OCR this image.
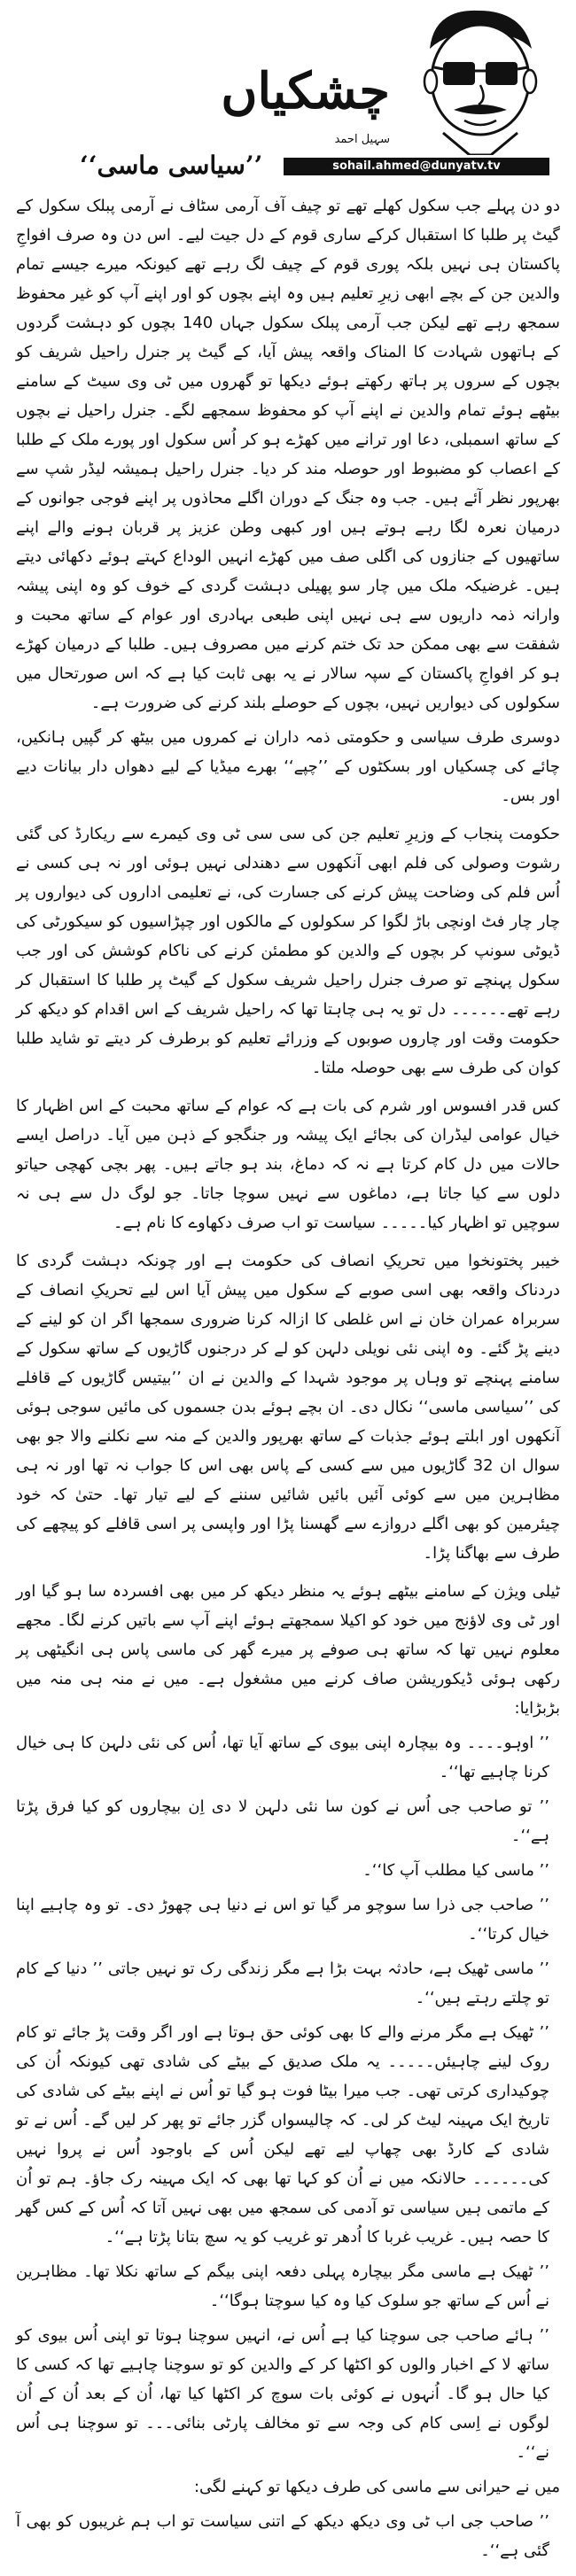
’’سیاسی ماسی‘‘
چشکیاں
سہیل احمد
sohail.ahmed@dunyatv.tv

دو دن پہلے جب سکول کھلے تھے تو چیف آف آرمی سٹاف نے آرمی پبلک سکول کے گیٹ پر طلبا کا استقبال کرکے ساری قوم کے دل جیت لیے۔ اس دن وہ صرف افواجِ پاکستان ہی نہیں بلکہ پوری قوم کے چیف لگ رہے تھے کیونکہ میرے جیسے تمام والدین جن کے بچے ابھی زیرِ تعلیم ہیں وہ اپنے بچوں کو اور اپنے آپ کو غیر محفوظ سمجھ رہے تھے لیکن جب آرمی پبلک سکول جہاں 140 بچوں کو دہشت گردوں کے ہاتھوں شہادت کا المناک واقعہ پیش آیا، کے گیٹ پر جنرل راحیل شریف کو بچوں کے سروں پر ہاتھ رکھتے ہوئے دیکھا تو گھروں میں ٹی وی سیٹ کے سامنے بیٹھے ہوئے تمام والدین نے اپنے آپ کو محفوظ سمجھے لگے۔ جنرل راحیل نے بچوں کے ساتھ اسمبلی، دعا اور ترانے میں کھڑے ہو کر اُس سکول اور پورے ملک کے طلبا کے اعصاب کو مضبوط اور حوصلہ مند کر دیا۔ جنرل راحیل ہمیشہ لیڈر شپ سے بھرپور نظر آئے ہیں۔ جب وہ جنگ کے دوران اگلے محاذوں پر اپنے فوجی جوانوں کے درمیان نعرہ لگا رہے ہوتے ہیں اور کبھی وطن عزیز پر قربان ہونے والے اپنے ساتھیوں کے جنازوں کی اگلی صف میں کھڑے انہیں الوداع کہتے ہوئے دکھائی دیتے ہیں۔ غرضیکہ ملک میں چار سو پھیلی دہشت گردی کے خوف کو وہ اپنی پیشہ وارانہ ذمہ داریوں سے ہی نہیں اپنی طبعی بہادری اور عوام کے ساتھ محبت و شفقت سے بھی ممکن حد تک ختم کرنے میں مصروف ہیں۔ طلبا کے درمیان کھڑے ہو کر افواجِ پاکستان کے سپہ سالار نے یہ بھی ثابت کیا ہے کہ اس صورتحال میں سکولوں کی دیواریں نہیں، بچوں کے حوصلے بلند کرنے کی ضرورت ہے۔

دوسری طرف سیاسی و حکومتی ذمہ داران نے کمروں میں بیٹھ کر گپیں ہانکیں، چائے کی چسکیاں اور بسکٹوں کے ’’چپے‘‘ بھرے میڈیا کے لیے دھواں دار بیانات دیے اور بس۔

حکومت پنجاب کے وزیرِ تعلیم جن کی سی سی ٹی وی کیمرے سے ریکارڈ کی گئی رشوت وصولی کی فلم ابھی آنکھوں سے دھندلی نہیں ہوئی اور نہ ہی کسی نے اُس فلم کی وضاحت پیش کرنے کی جسارت کی، نے تعلیمی اداروں کی دیواروں پر چار چار فٹ اونچی باڑ لگوا کر سکولوں کے مالکوں اور چپڑاسیوں کو سیکورٹی کی ڈیوٹی سونپ کر بچوں کے والدین کو مطمئن کرنے کی ناکام کوشش کی اور جب سکول پہنچے تو صرف جنرل راحیل شریف سکول کے گیٹ پر طلبا کا استقبال کر رہے تھے۔۔۔۔۔۔ دل تو یہ ہی چاہتا تھا کہ راحیل شریف کے اس اقدام کو دیکھ کر حکومت وقت اور چاروں صوبوں کے وزرائے تعلیم کو برطرف کر دیتے تو شاید طلبا کوان کی طرف سے بھی حوصلہ ملتا۔

کس قدر افسوس اور شرم کی بات ہے کہ عوام کے ساتھ محبت کے اس اظہار کا خیال عوامی لیڈران کی بجائے ایک پیشہ ور جنگجو کے ذہن میں آیا۔ دراصل ایسے حالات میں دل کام کرتا ہے نہ کہ دماغ، بند ہو جاتے ہیں۔ پھر بچی کھچی حیاتو دلوں سے کیا جاتا ہے، دماغوں سے نہیں سوچا جاتا۔ جو لوگ دل سے ہی نہ سوچیں تو اظہار کیا۔۔۔۔۔ سیاست تو اب صرف دکھاوے کا نام ہے۔

خیبر پختونخوا میں تحریکِ انصاف کی حکومت ہے اور چونکہ دہشت گردی کا دردناک واقعہ بھی اسی صوبے کے سکول میں پیش آیا اس لیے تحریکِ انصاف کے سربراہ عمران خان نے اس غلطی کا ازالہ کرنا ضروری سمجھا اگر ان کو لینے کے دینے پڑ گئے۔ وہ اپنی نئی نویلی دلہن کو لے کر درجنوں گاڑیوں کے ساتھ سکول کے سامنے پہنچے تو وہاں پر موجود شہدا کے والدین نے ان ’’بیتیس گاڑیوں کے قافلے کی ’’سیاسی ماسی‘‘ نکال دی۔ ان بچے ہوئے بدن جسموں کی مائیں سوجی ہوئی آنکھوں اور ابلتے ہوئے جذبات کے ساتھ بھرپور والدین کے منہ سے نکلنے والا جو بھی سوال ان 32 گاڑیوں میں سے کسی کے پاس بھی اس کا جواب نہ تھا اور نہ ہی مظاہرین میں سے کوئی آئیں بائیں شائیں سننے کے لیے تیار تھا۔ حتیٰ کہ خود چیئرمین کو بھی اگلے دروازے سے گھسنا پڑا اور واپسی پر اسی قافلے کو پیچھے کی طرف سے بھاگنا پڑا۔

ٹیلی ویژن کے سامنے بیٹھے ہوئے یہ منظر دیکھ کر میں بھی افسردہ سا ہو گیا اور اور ٹی وی لاؤنج میں خود کو اکیلا سمجھتے ہوئے اپنے آپ سے باتیں کرنے لگا۔ مجھے معلوم نہیں تھا کہ ساتھ ہی صوفے پر میرے گھر کی ماسی پاس ہی انگیٹھی پر رکھی ہوئی ڈیکوریشن صاف کرنے میں مشغول ہے۔ میں نے منہ ہی منہ میں بڑبڑایا:

’’ اوہو۔۔۔۔ وہ بیچارہ اپنی بیوی کے ساتھ آیا تھا، اُس کی نئی دلہن کا ہی خیال کرنا چاہیے تھا‘‘۔

’’ تو صاحب جی اُس نے کون سا نئی دلہن لا دی اِن بیچاروں کو کیا فرق پڑتا ہے‘‘۔

’’ ماسی کیا مطلب آپ کا‘‘۔

’’ صاحب جی ذرا سا سوچو مر گیا تو اس نے دنیا ہی چھوڑ دی۔ تو وہ چاہیے اپنا خیال کرتا‘‘۔

’’ ماسی ٹھیک ہے، حادثہ بہت بڑا ہے مگر زندگی رک تو نہیں جاتی ’’ دنیا کے کام تو چلتے رہتے ہیں‘‘۔

’’ ٹھیک ہے مگر مرنے والے کا بھی کوئی حق ہوتا ہے اور اگر وقت پڑ جائے تو کام روک لینے چاہیئں۔۔۔۔۔ یہ ملک صدیق کے بیٹے کی شادی تھی کیونکہ اُن کی چوکیداری کرتی تھی۔ جب میرا بیٹا فوت ہو گیا تو اُس نے اپنے بیٹے کی شادی کی تاریخ ایک مہینہ لیٹ کر لی۔ کہ چالیسواں گزر جائے تو پھر کر لیں گے۔ اُس نے تو شادی کے کارڈ بھی چھاپ لیے تھے لیکن اُس کے باوجود اُس نے پروا نہیں کی۔۔۔۔۔۔ حالانکہ میں نے اُن کو کہا تھا بھی کہ ایک مہینہ رک جاؤ۔ ہم تو اُن کے ماتمی ہیں سیاسی تو آدمی کی سمجھ میں بھی نہیں آتا کہ اُس کے کس گھر کا حصہ ہیں۔ غریب غربا کا اُدھر تو غریب کو یہ سچ بتانا پڑتا ہے‘‘۔

’’ ٹھیک ہے ماسی مگر بیچارہ پہلی دفعہ اپنی بیگم کے ساتھ نکلا تھا۔ مظاہرین نے اُس کے ساتھ جو سلوک کیا وہ کیا سوچتا ہوگا‘‘۔

’’ ہائے صاحب جی سوچنا کیا ہے اُس نے، انہیں سوچنا ہوتا تو اپنی اُس بیوی کو ساتھ لا کے اخبار والوں کو اکٹھا کر کے والدین کو تو سوچنا چاہیے تھا کہ کسی کا کیا حال ہو گا۔ اُنہوں نے کوئی بات سوچ کر اکٹھا کیا تھا، اُن کے بعد اُن کے اُن لوگوں نے اِسی کام کی وجہ سے تو مخالف پارٹی بنائی۔۔۔ تو سوچنا ہی اُس نے‘‘۔

میں نے حیرانی سے ماسی کی طرف دیکھا تو کہنے لگی:

’’ صاحب جی اب ٹی وی دیکھ دیکھ کے اتنی سیاست تو اب ہم غریبوں کو بھی آ گئی ہے‘‘۔
